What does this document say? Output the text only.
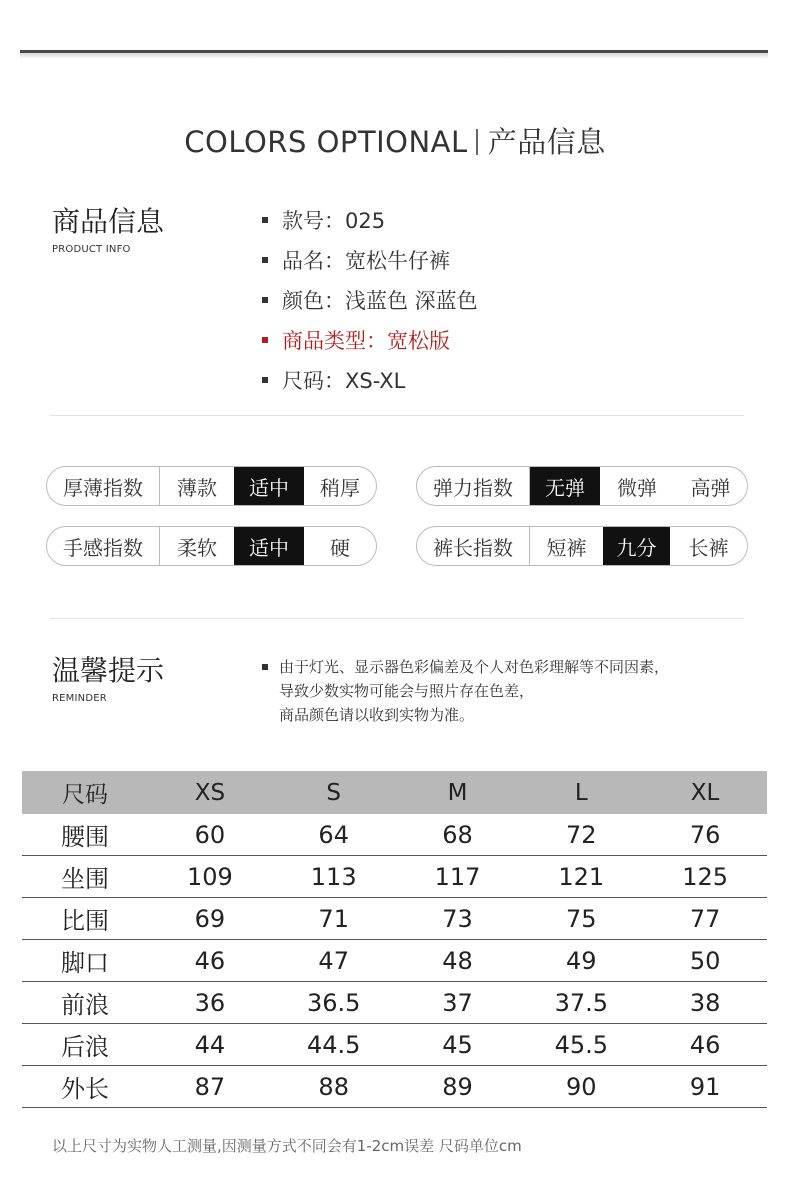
COLORS OPTIONAL 产品信息
商品信息
PRODUCT INFO
款号：025
品名：宽松牛仔裤
颜色：浅蓝色 深蓝色
商品类型：宽松版
尺码：XS-XL
厚薄指数	薄款	适中	稍厚	弹力指数	无弹	微弹	高弹
手感指数	柔软	适中	硬	裤长指数	短裤	九分	长裤
温馨提示
REMINDER
由于灯光、显示器色彩偏差及个人对色彩理解等不同因素，
导致少数实物可能会与照片存在色差，
商品颜色请以收到实物为准。
尺码	XS	S	M	L	XL
腰围	60	64	68	72	76
坐围	109	113	117	121	125
比围	69	71	73	75	77
脚口	46	47	48	49	50
前浪	36	36.5	37	37.5	38
后浪	44	44.5	45	45.5	46
外长	87	88	89	90	91
以上尺寸为实物人工测量,因测量方式不同会有1-2cm误差 尺码单位cm
